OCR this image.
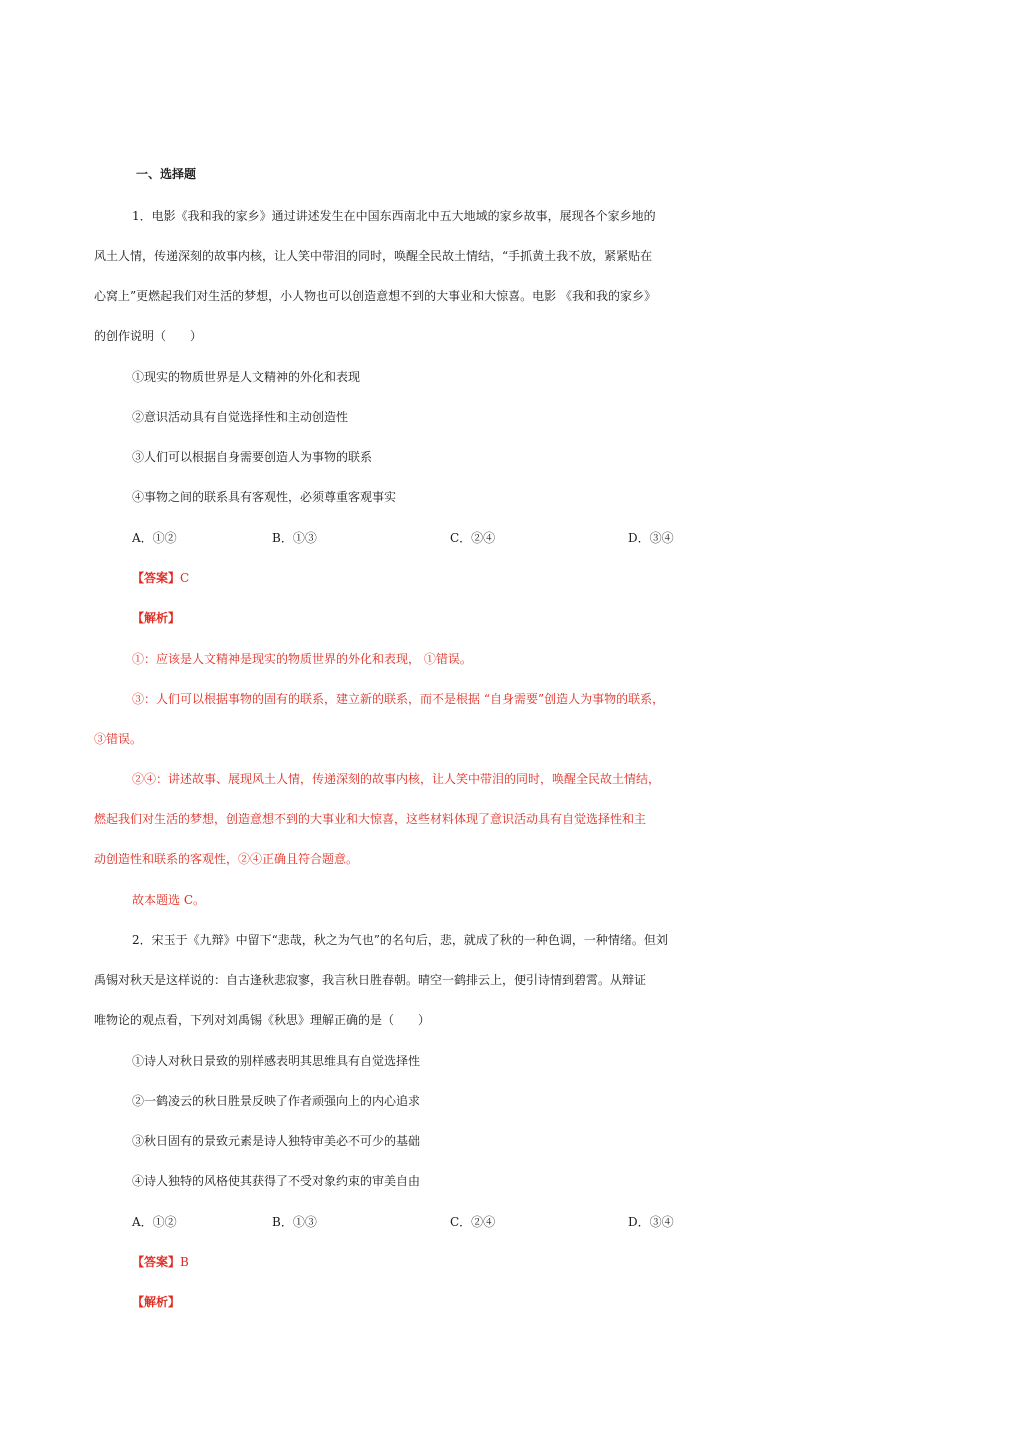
一、选择题
1．电影《我和我的家乡》通过讲述发生在中国东西南北中五大地域的家乡故事，展现各个家乡地的
风土人情，传递深刻的故事内核，让人笑中带泪的同时，唤醒全民故土情结，“手抓黄土我不放，紧紧贴在
心窝上”更燃起我们对生活的梦想，小人物也可以创造意想不到的大事业和大惊喜。电影 《我和我的家乡》
的创作说明（　　）
①现实的物质世界是人文精神的外化和表现
②意识活动具有自觉选择性和主动创造性
③人们可以根据自身需要创造人为事物的联系
④事物之间的联系具有客观性，必须尊重客观事实
A．①②	B．①③	C．②④	D．③④
【答案】C
【解析】
①：应该是人文精神是现实的物质世界的外化和表现， ①错误。
③：人们可以根据事物的固有的联系，建立新的联系，而不是根据 “自身需要”创造人为事物的联系，
③错误。
②④：讲述故事、展现风土人情，传递深刻的故事内核，让人笑中带泪的同时，唤醒全民故土情结，
燃起我们对生活的梦想，创造意想不到的大事业和大惊喜，这些材料体现了意识活动具有自觉选择性和主
动创造性和联系的客观性，②④正确且符合题意。
故本题选 C。
2．宋玉于《九辩》中留下“悲哉，秋之为气也”的名句后，悲，就成了秋的一种色调，一种情绪。但刘
禹锡对秋天是这样说的：自古逢秋悲寂寥，我言秋日胜春朝。晴空一鹤排云上，便引诗情到碧霄。从辩证
唯物论的观点看，下列对刘禹锡《秋思》理解正确的是（　　）
①诗人对秋日景致的别样感表明其思维具有自觉选择性
②一鹤凌云的秋日胜景反映了作者顽强向上的内心追求
③秋日固有的景致元素是诗人独特审美必不可少的基础
④诗人独特的风格使其获得了不受对象约束的审美自由
A．①②	B．①③	C．②④	D．③④
【答案】B
【解析】
